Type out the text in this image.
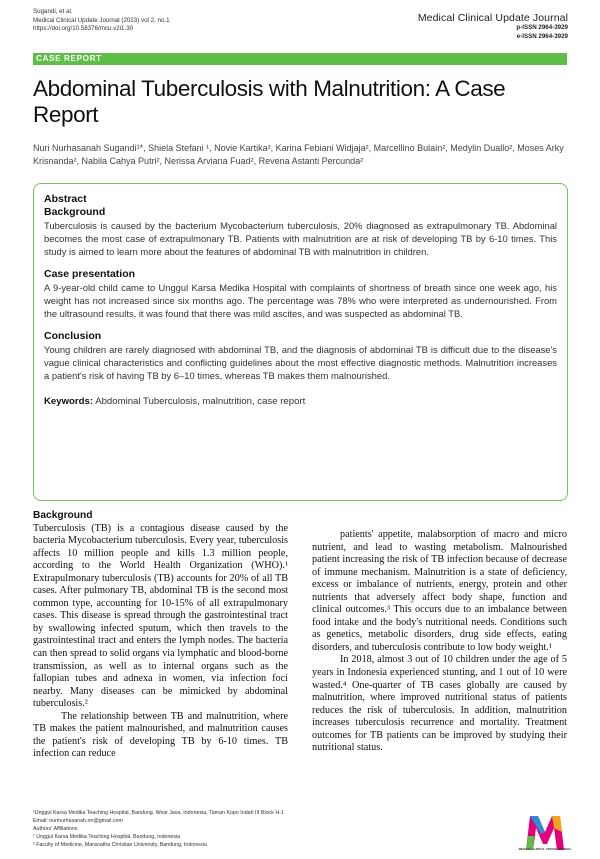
Sugandi, et al.
Medical Clinical Update Journal (2023) vol 2, no.1
https://doi.org/10.58376/mcu.v2i1.30
Medical Clinical Update Journal
p-ISSN 2964-3929
e-ISSN 2964-3929
CASE REPORT
Abdominal Tuberculosis with Malnutrition: A Case Report
Nuri Nurhasanah Sugandi¹*, Shiela Stefani ¹, Novie Kartika², Karina Febiani Widjaja², Marcellino Bulain², Medylin Duallo², Moses Arky Krisnanda², Nabila Cahya Putri², Nerissa Arviana Fuad², Revena Astanti Percunda²
Abstract
Background

Tuberculosis is caused by the bacterium Mycobacterium tuberculosis, 20% diagnosed as extrapulmonary TB. Abdominal becomes the most case of extrapulmonary TB. Patients with malnutrition are at risk of developing TB by 6-10 times. This study is aimed to learn more about the features of abdominal TB with malnutrition in children.

Case presentation

A 9-year-old child came to Unggul Karsa Medika Hospital with complaints of shortness of breath since one week ago, his weight has not increased since six months ago. The percentage was 78% who were interpreted as undernourished. From the ultrasound results, it was found that there was mild ascites, and was suspected as abdominal TB.

Conclusion

Young children are rarely diagnosed with abdominal TB, and the diagnosis of abdominal TB is difficult due to the disease's vague clinical characteristics and conflicting guidelines about the most effective diagnostic methods. Malnutrition increases a patient's risk of having TB by 6–10 times, whereas TB makes them malnourished.

Keywords: Abdominal Tuberculosis, malnutrition, case report
Background

Tuberculosis (TB) is a contagious disease caused by the bacteria Mycobacterium tuberculosis. Every year, tuberculosis affects 10 million people and kills 1.3 million people, according to the World Health Organization (WHO).¹ Extrapulmonary tuberculosis (TB) accounts for 20% of all TB cases. After pulmonary TB, abdominal TB is the second most common type, accounting for 10-15% of all extrapulmonary cases. This disease is spread through the gastrointestinal tract by swallowing infected sputum, which then travels to the gastrointestinal tract and enters the lymph nodes. The bacteria can then spread to solid organs via lymphatic and blood-borne transmission, as well as to internal organs such as the fallopian tubes and adnexa in women, via infection foci nearby. Many diseases can be mimicked by abdominal tuberculosis.²

The relationship between TB and malnutrition, where TB makes the patient malnourished, and malnutrition causes the patient's risk of developing TB by 6-10 times. TB infection can reduce

patients' appetite, malabsorption of macro and micro nutrient, and lead to wasting metabolism. Malnourished patient increasing the risk of TB infection because of decrease of immune mechanism. Malnutrition is a state of deficiency, excess or imbalance of nutrients, energy, protein and other nutrients that adversely affect body shape, function and clinical outcomes.³ This occurs due to an imbalance between food intake and the body's nutritional needs. Conditions such as genetics, metabolic disorders, drug side effects, eating disorders, and tuberculosis contribute to low body weight.¹

In 2018, almost 3 out of 10 children under the age of 5 years in Indonesia experienced stunting, and 1 out of 10 were wasted.⁴ One-quarter of TB cases globally are caused by malnutrition, where improved nutritional status of patients reduces the risk of tuberculosis. In addition, malnutrition increases tuberculosis recurrence and mortality. Treatment outcomes for TB patients can be improved by studying their nutritional status.

¹Unggul Karsa Medika Teaching Hospital, Bandung, West Java, Indonesia, Taman Kopo Indah III Block H-1
Email: nurinurhasanah.nn@gmail.com
Authors' Affiliations
¹ Unggul Karsa Medika Teaching Hospital, Bandung, Indonesia
² Faculty of Medicine, Maranatha Christian University, Bandung, Indonesia
MEDICAL CLINICAL UPDATE JOURNAL
